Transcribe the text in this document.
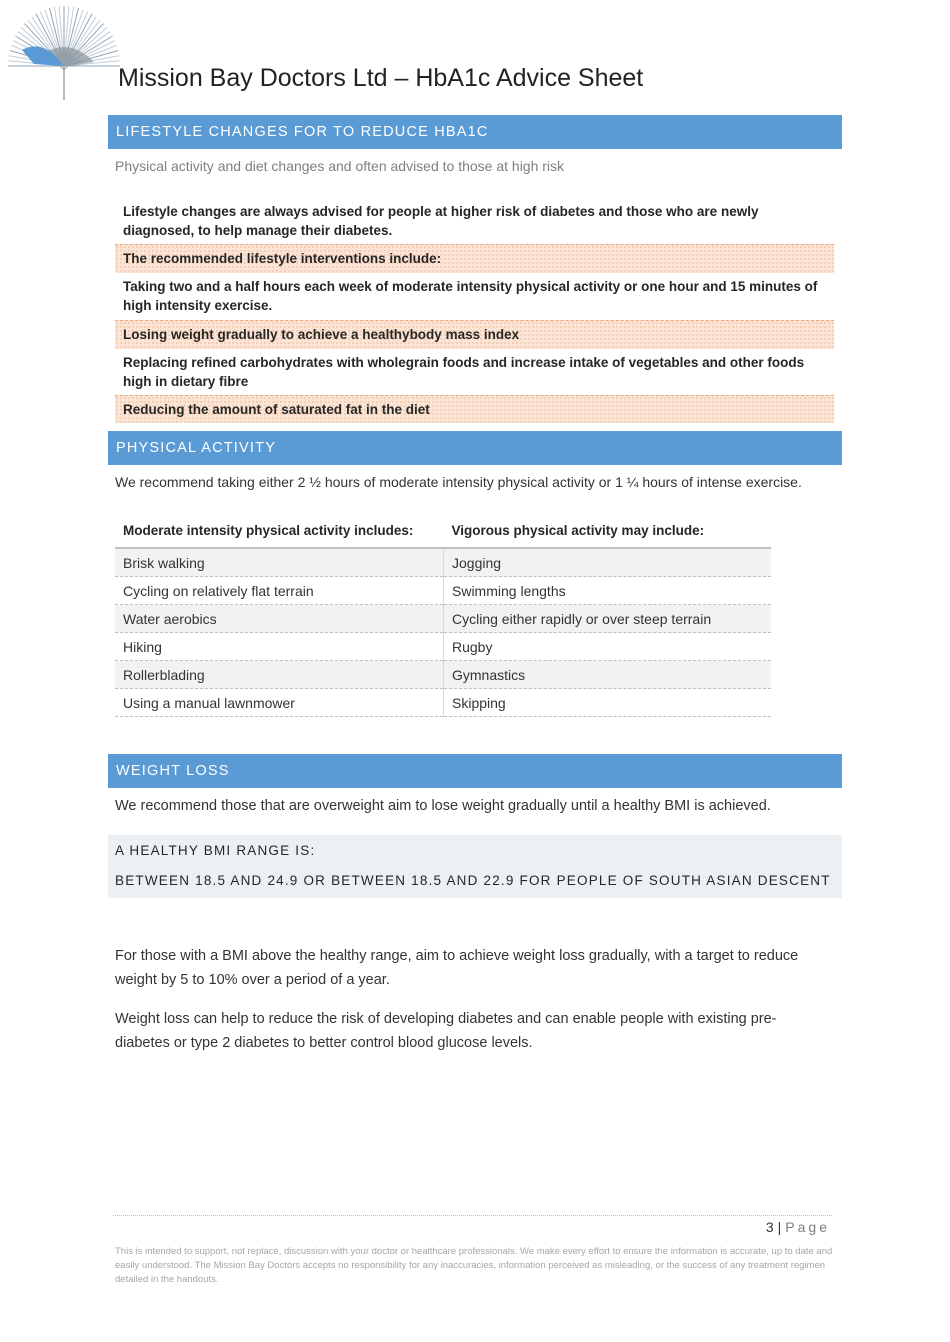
Mission Bay Doctors Ltd – HbA1c Advice Sheet
LIFESTYLE CHANGES FOR TO REDUCE HBA1C
Physical activity and diet changes and often advised to those at high risk
Lifestyle changes are always advised for people at higher risk of diabetes and those who are newly diagnosed, to help manage their diabetes.
The recommended lifestyle interventions include:
Taking two and a half hours each week of moderate intensity physical activity or one hour and 15 minutes of high intensity exercise.
Losing weight gradually to achieve a healthybody mass index
Replacing refined carbohydrates with wholegrain foods and increase intake of vegetables and other foods high in dietary fibre
Reducing the amount of saturated fat in the diet
PHYSICAL ACTIVITY
We recommend taking either 2 ½ hours of moderate intensity physical activity or 1 ¼ hours of intense exercise.
Moderate intensity physical activity includes:	Vigorous physical activity may include:
Brisk walking	Jogging
Cycling on relatively flat terrain	Swimming lengths
Water aerobics	Cycling either rapidly or over steep terrain
Hiking	Rugby
Rollerblading	Gymnastics
Using a manual lawnmower	Skipping
WEIGHT LOSS
We recommend those that are overweight aim to lose weight gradually until a healthy BMI is achieved.
A HEALTHY BMI RANGE IS:
BETWEEN 18.5 AND 24.9 OR BETWEEN 18.5 AND 22.9 FOR PEOPLE OF SOUTH ASIAN DESCENT

For those with a BMI above the healthy range, aim to achieve weight loss gradually, with a target to reduce weight by 5 to 10% over a period of a year.

Weight loss can help to reduce the risk of developing diabetes and can enable people with existing pre-diabetes or type 2 diabetes to better control blood glucose levels.

3 | Page

This is intended to support, not replace, discussion with your doctor or healthcare professionals. We make every effort to ensure the information is accurate, up to date and easily understood. The Mission Bay Doctors accepts no responsibility for any inaccuracies, information perceived as misleading, or the success of any treatment regimen detailed in the handouts.
